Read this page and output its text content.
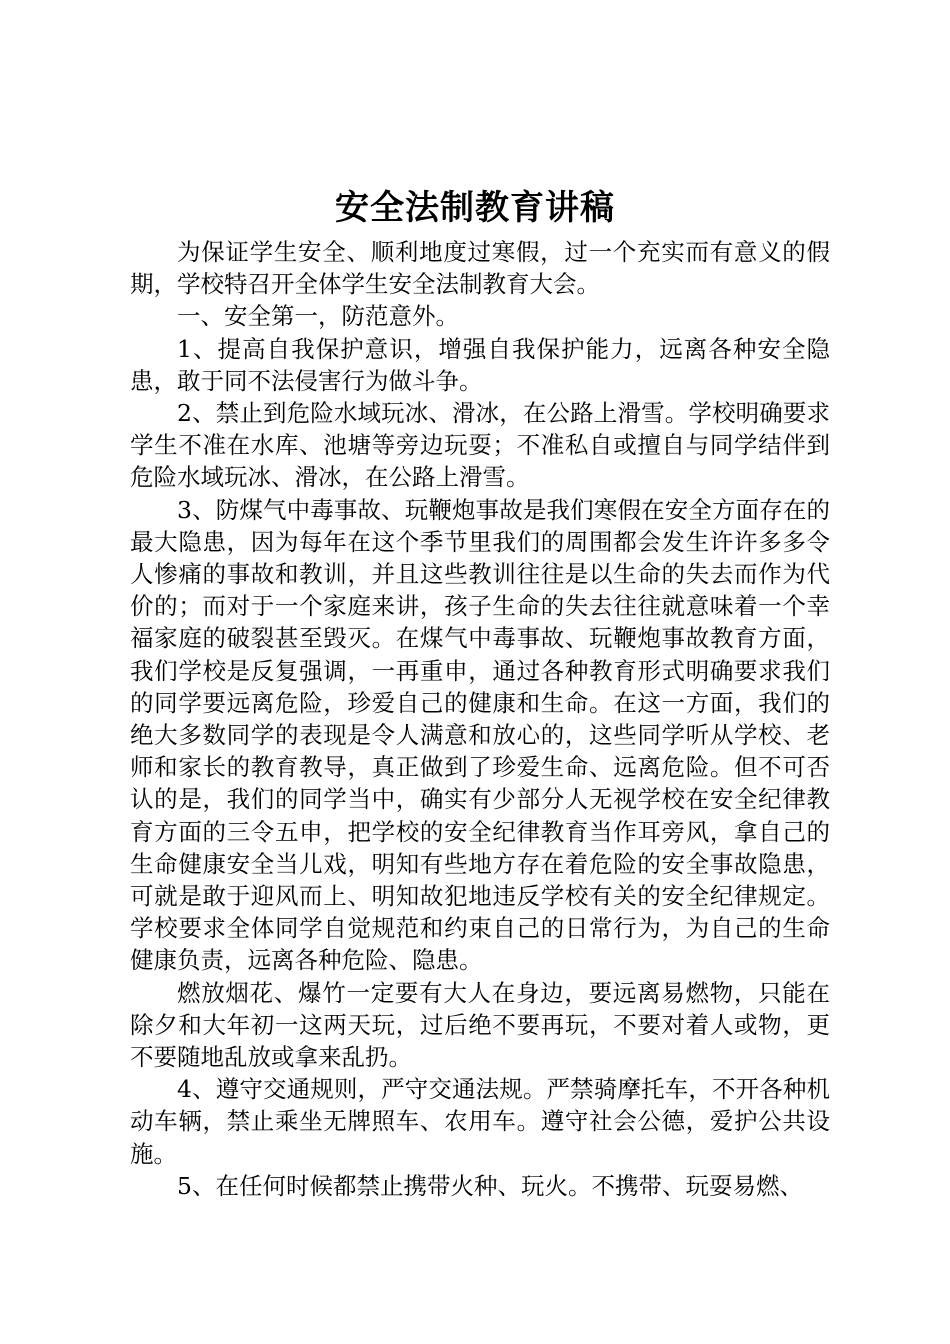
安全法制教育讲稿

为保证学生安全、顺利地度过寒假，过一个充实而有意义的假期，学校特召开全体学生安全法制教育大会。

一、安全第一，防范意外。

1、提高自我保护意识，增强自我保护能力，远离各种安全隐患，敢于同不法侵害行为做斗争。

2、禁止到危险水域玩冰、滑冰，在公路上滑雪。学校明确要求学生不准在水库、池塘等旁边玩耍；不准私自或擅自与同学结伴到危险水域玩冰、滑冰，在公路上滑雪。

3、防煤气中毒事故、玩鞭炮事故是我们寒假在安全方面存在的最大隐患，因为每年在这个季节里我们的周围都会发生许许多多令人惨痛的事故和教训，并且这些教训往往是以生命的失去而作为代价的；而对于一个家庭来讲，孩子生命的失去往往就意味着一个幸福家庭的破裂甚至毁灭。在煤气中毒事故、玩鞭炮事故教育方面，我们学校是反复强调，一再重申，通过各种教育形式明确要求我们的同学要远离危险，珍爱自己的健康和生命。在这一方面，我们的绝大多数同学的表现是令人满意和放心的，这些同学听从学校、老师和家长的教育教导，真正做到了珍爱生命、远离危险。但不可否认的是，我们的同学当中，确实有少部分人无视学校在安全纪律教育方面的三令五申，把学校的安全纪律教育当作耳旁风，拿自己的生命健康安全当儿戏，明知有些地方存在着危险的安全事故隐患，可就是敢于迎风而上、明知故犯地违反学校有关的安全纪律规定。学校要求全体同学自觉规范和约束自己的日常行为，为自己的生命健康负责，远离各种危险、隐患。

燃放烟花、爆竹一定要有大人在身边，要远离易燃物，只能在除夕和大年初一这两天玩，过后绝不要再玩，不要对着人或物，更不要随地乱放或拿来乱扔。

4、遵守交通规则，严守交通法规。严禁骑摩托车，不开各种机动车辆，禁止乘坐无牌照车、农用车。遵守社会公德，爱护公共设施。

5、在任何时候都禁止携带火种、玩火。不携带、玩耍易燃、
